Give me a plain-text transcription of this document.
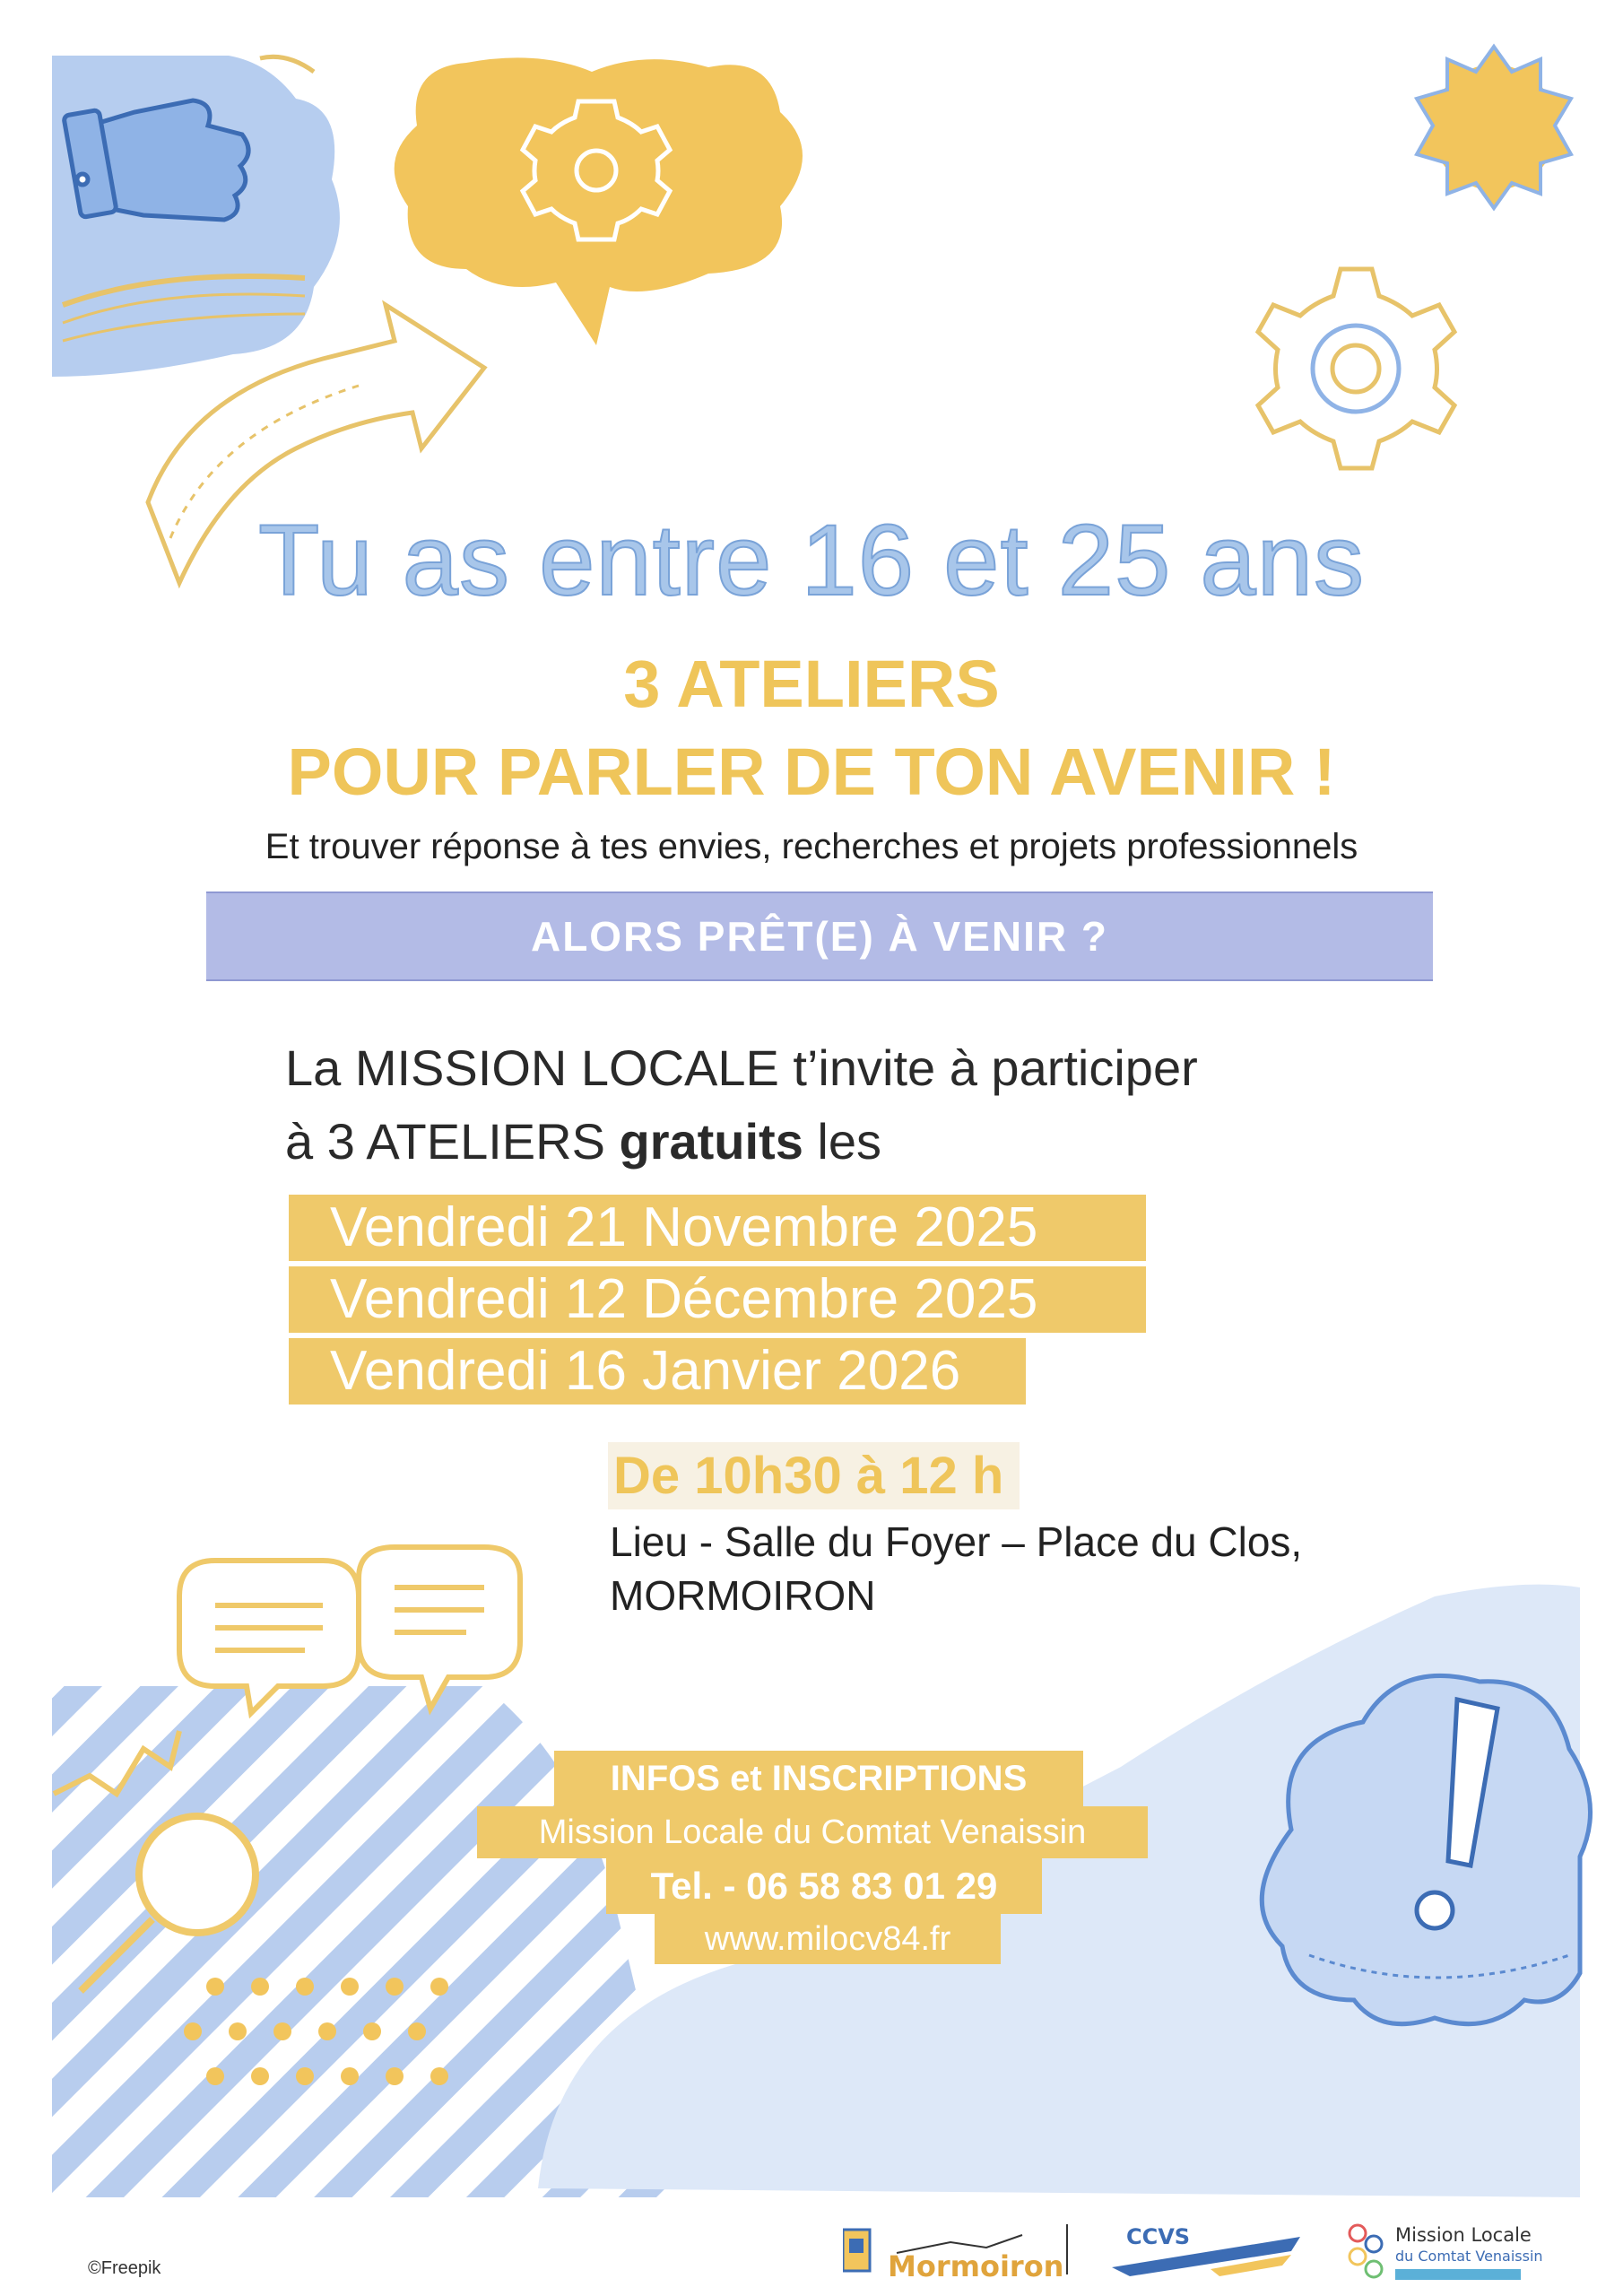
Tu as entre 16 et 25 ans
3 ATELIERS
POUR PARLER DE TON AVENIR !
Et trouver réponse à tes envies, recherches et projets professionnels
ALORS PRÊT(E) À VENIR ?
La MISSION LOCALE t’invite à participer
à 3 ATELIERS gratuits les
Vendredi 21 Novembre 2025
Vendredi 12 Décembre 2025
Vendredi 16 Janvier 2026
De 10h30 à 12 h
Lieu - Salle du Foyer – Place du Clos,
MORMOIRON
INFOS et INSCRIPTIONS
Mission Locale du Comtat Venaissin
Tel. - 06 58 83 01 29
www.milocv84.fr
©Freepik	Mormoiron
CCVS	Mission Locale
du Comtat Venaissin
